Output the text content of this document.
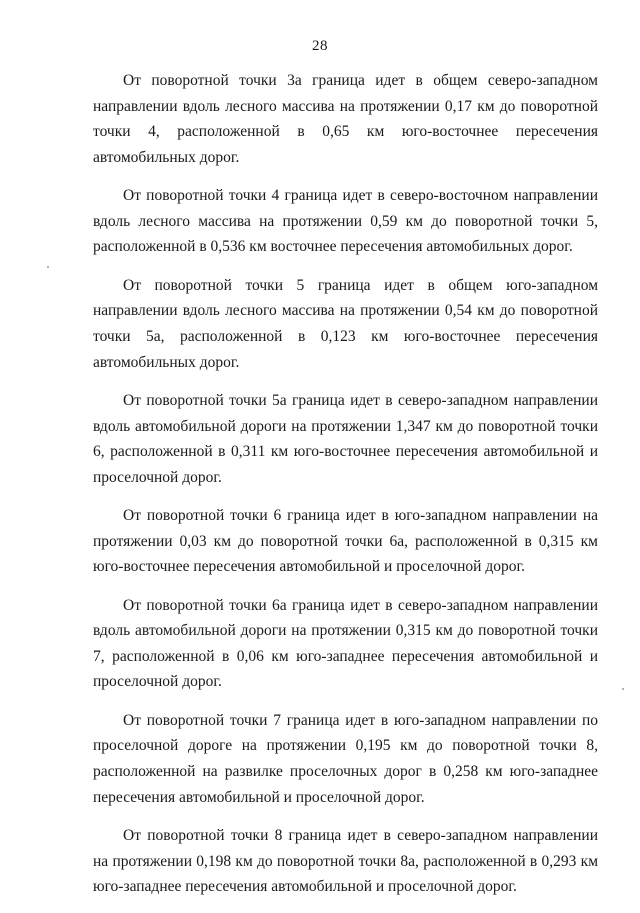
28

От поворотной точки 3а граница идет в общем северо-западном направлении вдоль лесного массива на протяжении 0,17 км до поворотной точки 4, расположенной в 0,65 км юго-восточнее пересечения автомобильных дорог.

От поворотной точки 4 граница идет в северо-восточном направлении вдоль лесного массива на протяжении 0,59 км до поворотной точки 5, расположенной в 0,536 км восточнее пересечения автомобильных дорог.

От поворотной точки 5 граница идет в общем юго-западном направлении вдоль лесного массива на протяжении 0,54 км до поворотной точки 5а, расположенной в 0,123 км юго-восточнее пересечения автомобильных дорог.

От поворотной точки 5а граница идет в северо-западном направлении вдоль автомобильной дороги на протяжении 1,347 км до поворотной точки 6, расположенной в 0,311 км юго-восточнее пересечения автомобильной и проселочной дорог.

От поворотной точки 6 граница идет в юго-западном направлении на протяжении 0,03 км до поворотной точки 6а, расположенной в 0,315 км юго-восточнее пересечения автомобильной и проселочной дорог.

От поворотной точки 6а граница идет в северо-западном направлении вдоль автомобильной дороги на протяжении 0,315 км до поворотной точки 7, расположенной в 0,06 км юго-западнее пересечения автомобильной и проселочной дорог.

От поворотной точки 7 граница идет в юго-западном направлении по проселочной дороге на протяжении 0,195 км до поворотной точки 8, расположенной на развилке проселочных дорог в 0,258 км юго-западнее пересечения автомобильной и проселочной дорог.

От поворотной точки 8 граница идет в северо-западном направлении на протяжении 0,198 км до поворотной точки 8а, расположенной в 0,293 км юго-западнее пересечения автомобильной и проселочной дорог.
